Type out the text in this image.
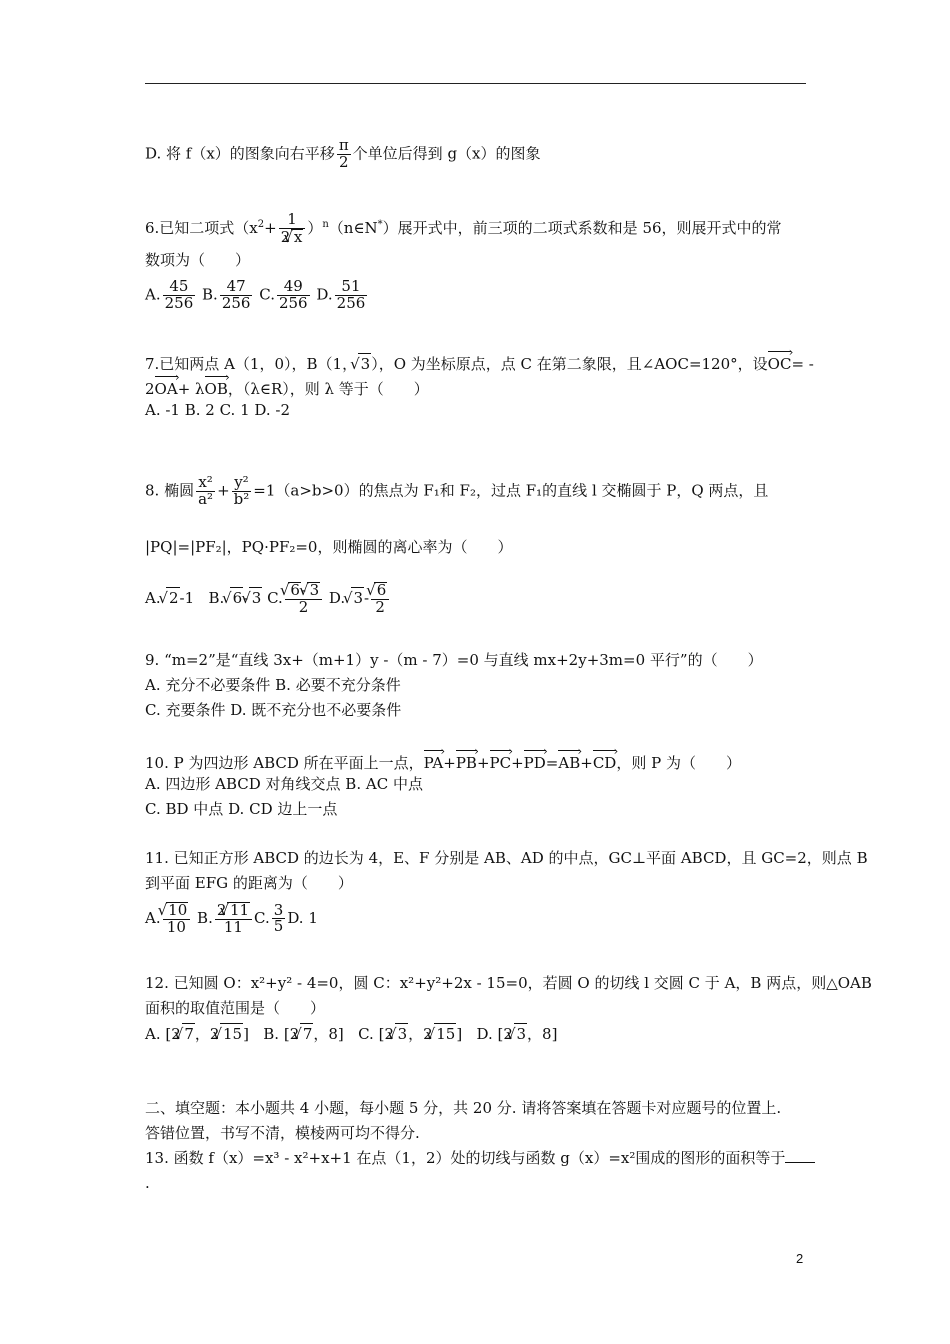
D. 将 f（x）的图象向右平移 $\frac{\pi}{2}$ 个单位后得到 g（x）的图象
6.已知二项式（$x^2+ \frac{1}{2 √ x}$ ）$^n(n\in N^*)$展开式中，前三项的二项式系数和是 56，则展开式中的常
数项为（　　）
A. $\frac{45}{256} B$. $\frac{47}{256} C$. $\frac{49}{256} D$. $\frac{51}{256}$
7.已知两点 A（1，0），B（1， √ 3），O 为坐标原点，点 C 在第二象限，且∠AOC=120°，设OC ›= -
2OA ›+ λOB ›，（λ∈R），则 λ 等于（　　）
A. -1 B. 2 C. 1 D. -2
8. 椭圆 $\frac{\text{x²}}{\text{a²}} + \frac{\text{y²}}{\text{b²}} =1(a>b>0)$的焦点为 F₁和 F₂，过点 F₁的直线 l 交椭圆于 P，Q 两点，且
|PQ|=|PF₂|，PQ·PF₂=0，则椭圆的离心率为（　　）
A. √ 2-1 B. √ 6- √ 3 C. √ $\frac{6- √ 3}{2} D$. √ 3- √ $\frac{6}{2}$
9. “m=2”是“直线 3x+（m+1）y -（m - 7）=0 与直线 mx+2y+3m=0 平行”的（　　）
A. 充分不必要条件 B. 必要不充分条件
C. 充要条件 D. 既不充分也不必要条件
10. P 为四边形 ABCD 所在平面上一点，PA ›+PB ›+PC ›+PD ›=AB ›+CD ›，则 P 为（　　）
A. 四边形 ABCD 对角线交点 B. AC 中点
C. BD 中点 D. CD 边上一点
11. 已知正方形 ABCD 的边长为 4，E、F 分别是 AB、AD 的中点，GC⊥平面 ABCD，且 GC=2，则点 B
到平面 EFG 的距离为（　　）
A. √ $\frac{10}{10} B$. $\frac{2 √ 11}{11} C$. $\frac{3}{5} D$. 1
12. 已知圆 O：x²+y² - 4=0，圆 C：x²+y²+2x - 15=0，若圆 O 的切线 l 交圆 C 于 A，B 两点，则△OAB
面积的取值范围是（　　）
A. [2 √ 7，2 √ 15] B. [2 √ 7，8] C. [2 √ 3，2 √ 15] D. [2 √ 3，8]
二、填空题：本小题共 4 小题，每小题 5 分，共 20 分. 请将答案填在答题卡对应题号的位置上.
答错位置，书写不清，模棱两可均不得分.
13. 函数 f（x）=x³ - x²+x+1 在点（1，2）处的切线与函数 g（x）=x²围成的图形的面积等于
.
2
